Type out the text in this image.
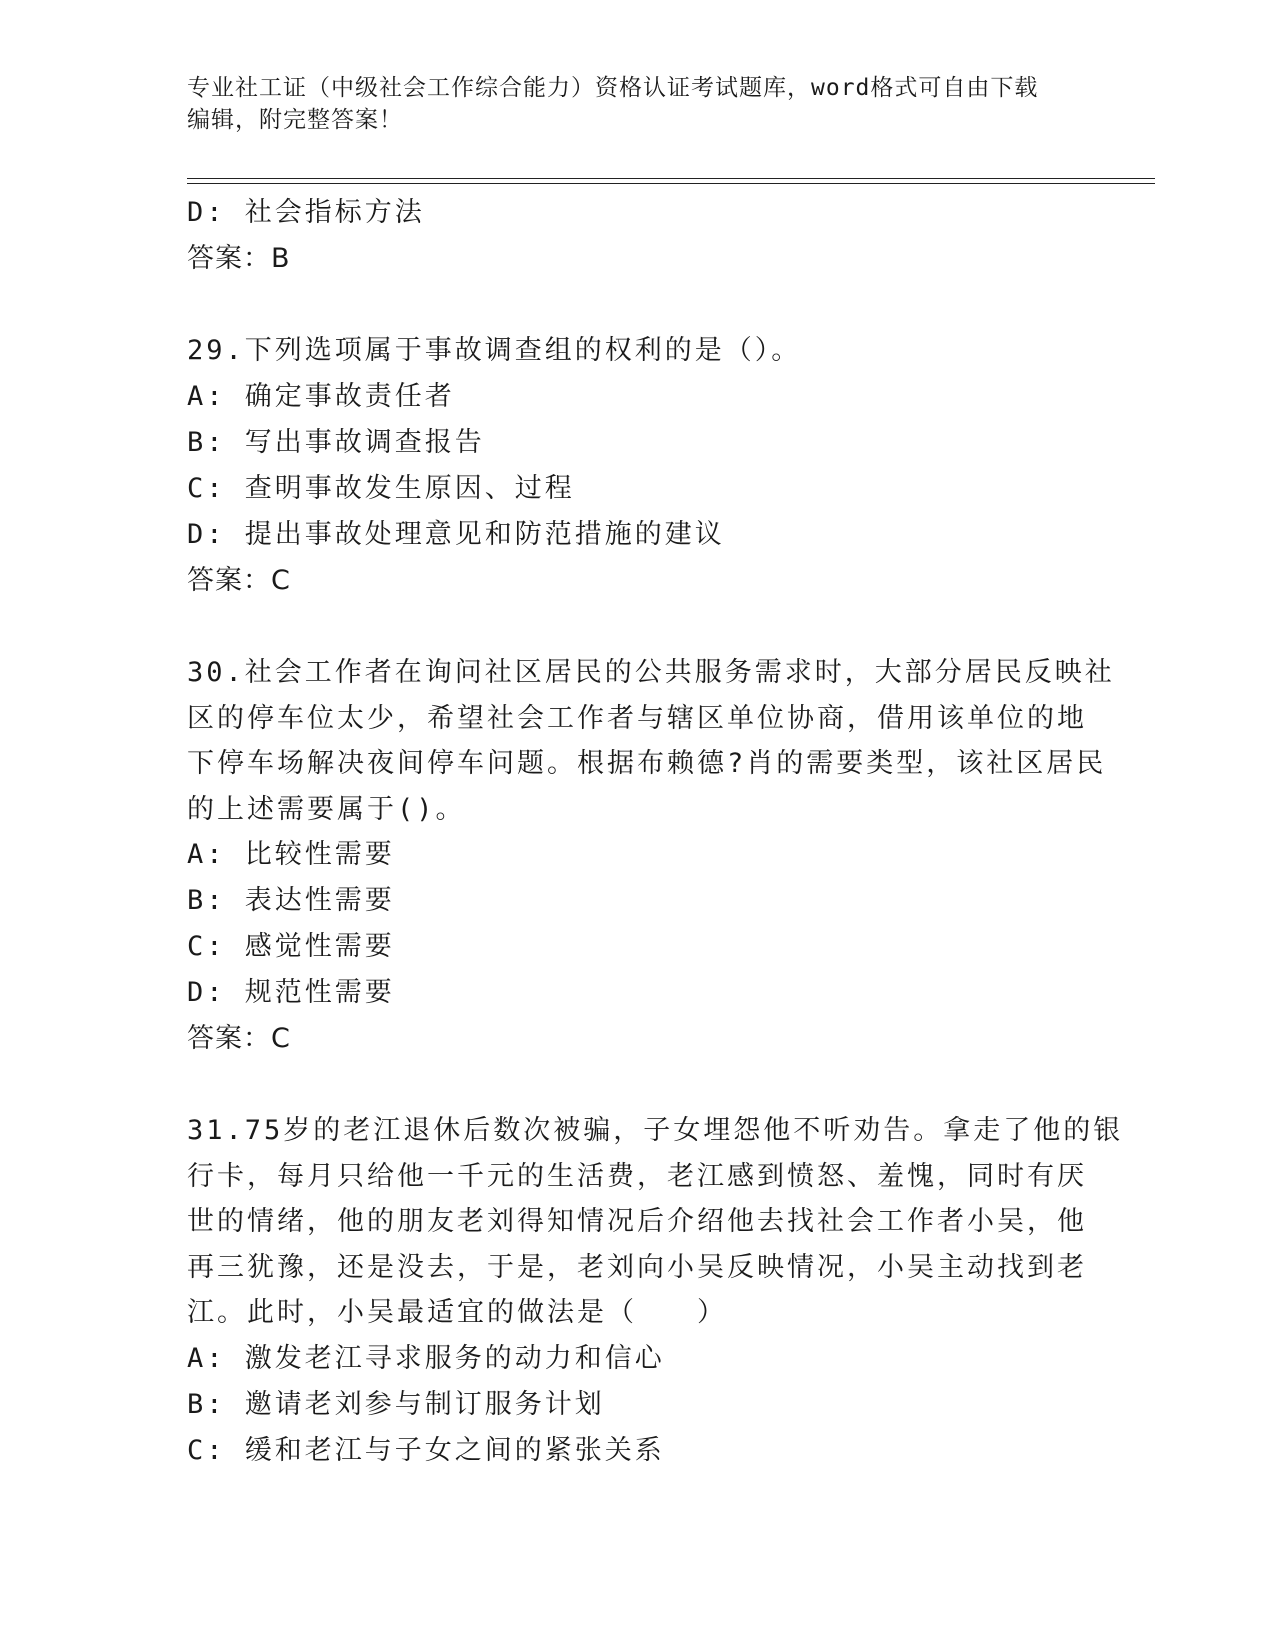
专业社工证（中级社会工作综合能力）资格认证考试题库，word格式可自由下载
编辑，附完整答案！
D: 社会指标方法
答案：B
29.下列选项属于事故调查组的权利的是（）。
A: 确定事故责任者
B: 写出事故调查报告
C: 查明事故发生原因、过程
D: 提出事故处理意见和防范措施的建议
答案：C
30.社会工作者在询问社区居民的公共服务需求时，大部分居民反映社
区的停车位太少，希望社会工作者与辖区单位协商，借用该单位的地
下停车场解决夜间停车问题。根据布赖德?肖的需要类型，该社区居民
的上述需要属于()。
A: 比较性需要
B: 表达性需要
C: 感觉性需要
D: 规范性需要
答案：C
31.75岁的老江退休后数次被骗，子女埋怨他不听劝告。拿走了他的银
行卡，每月只给他一千元的生活费，老江感到愤怒、羞愧，同时有厌
世的情绪，他的朋友老刘得知情况后介绍他去找社会工作者小吴，他
再三犹豫，还是没去，于是，老刘向小吴反映情况，小吴主动找到老
江。此时，小吴最适宜的做法是（　　）
A: 激发老江寻求服务的动力和信心
B: 邀请老刘参与制订服务计划
C: 缓和老江与子女之间的紧张关系
